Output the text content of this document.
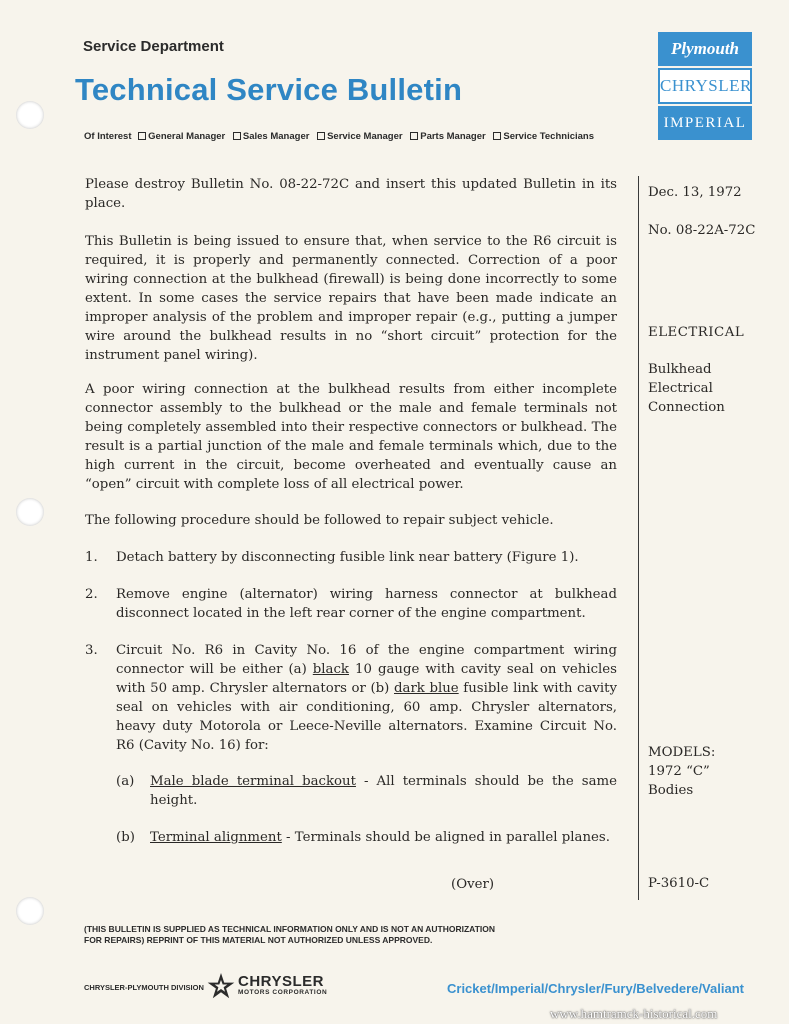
Service Department
Technical Service Bulletin
Plymouth
CHRYSLER
IMPERIAL
Of Interest General Manager Sales Manager Service Manager Parts Manager Service Technicians

Please destroy Bulletin No. 08-22-72C and insert this updated Bulletin in its place.

This Bulletin is being issued to ensure that, when service to the R6 circuit is required, it is properly and permanently connected. Correction of a poor wiring connection at the bulkhead (firewall) is being done incorrectly to some extent. In some cases the service repairs that have been made indicate an improper analysis of the problem and improper repair (e.g., putting a jumper wire around the bulkhead results in no “short circuit” protection for the instrument panel wiring).

A poor wiring connection at the bulkhead results from either incomplete connector assembly to the bulkhead or the male and female terminals not being completely assembled into their respective connectors or bulkhead. The result is a partial junction of the male and female terminals which, due to the high current in the circuit, become overheated and eventually cause an “open” circuit with complete loss of all electrical power.

The following procedure should be followed to repair subject vehicle.

1. Detach battery by disconnecting fusible link near battery (Figure 1).
2. Remove engine (alternator) wiring harness connector at bulkhead disconnect located in the left rear corner of the engine compartment.
3. Circuit No. R6 in Cavity No. 16 of the engine compartment wiring connector will be either (a) black 10 gauge with cavity seal on vehicles with 50 amp. Chrysler alternators or (b) dark blue fusible link with cavity seal on vehicles with air conditioning, 60 amp. Chrysler alternators, heavy duty Motorola or Leece-Neville alternators. Examine Circuit No. R6 (Cavity No. 16) for:
(a) Male blade terminal backout - All terminals should be the same height.
(b) Terminal alignment - Terminals should be aligned in parallel planes.
(Over)
Dec. 13, 1972
No. 08-22A-72C
ELECTRICAL
Bulkhead
Electrical
Connection
MODELS:
1972 “C”
Bodies
P-3610-C
(THIS BULLETIN IS SUPPLIED AS TECHNICAL INFORMATION ONLY AND IS NOT AN AUTHORIZATION
FOR REPAIRS) REPRINT OF THIS MATERIAL NOT AUTHORIZED UNLESS APPROVED.
CHRYSLER-PLYMOUTH DIVISION CHRYSLER
MOTORS CORPORATION	Cricket/Imperial/Chrysler/Fury/Belvedere/Valiant
www.hamtramck-historical.com
